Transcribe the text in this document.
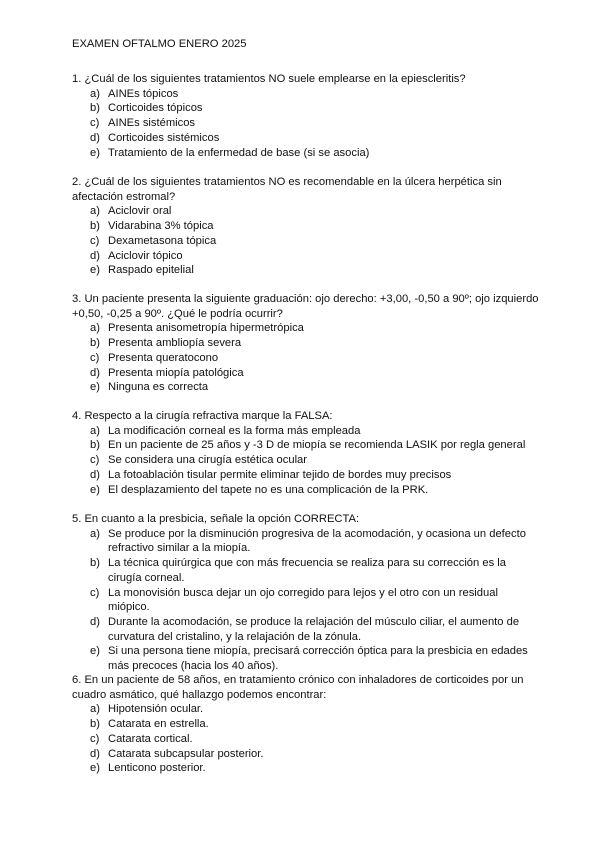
EXAMEN OFTALMO ENERO 2025

1. ¿Cuál de los siguientes tratamientos NO suele emplearse en la epiescleritis?

a) AINEs tópicos
b) Corticoides tópicos
c) AINEs sistémicos
d) Corticoides sistémicos
e) Tratamiento de la enfermedad de base (si se asocia)

2. ¿Cuál de los siguientes tratamientos NO es recomendable en la úlcera herpética sin afectación estromal?

a) Aciclovir oral
b) Vidarabina 3% tópica
c) Dexametasona tópica
d) Aciclovir tópico
e) Raspado epitelial

3. Un paciente presenta la siguiente graduación: ojo derecho: +3,00, -0,50 a 90º; ojo izquierdo +0,50, -0,25 a 90º. ¿Qué le podría ocurrir?

a) Presenta anisometropía hipermetrópica
b) Presenta ambliopía severa
c) Presenta queratocono
d) Presenta miopía patológica
e) Ninguna es correcta

4. Respecto a la cirugía refractiva marque la FALSA:

a) La modificación corneal es la forma más empleada
b) En un paciente de 25 años y -3 D de miopía se recomienda LASIK por regla general
c) Se considera una cirugía estética ocular
d) La fotoablación tisular permite eliminar tejido de bordes muy precisos
e) El desplazamiento del tapete no es una complicación de la PRK.

5. En cuanto a la presbicia, señale la opción CORRECTA:

a) Se produce por la disminución progresiva de la acomodación, y ocasiona un defecto refractivo similar a la miopía.
b) La técnica quirúrgica que con más frecuencia se realiza para su corrección es la cirugía corneal.
c) La monovisión busca dejar un ojo corregido para lejos y el otro con un residual miópico.
d) Durante la acomodación, se produce la relajación del músculo ciliar, el aumento de curvatura del cristalino, y la relajación de la zónula.
e) Si una persona tiene miopía, precisará corrección óptica para la presbicia en edades más precoces (hacia los 40 años).

6. En un paciente de 58 años, en tratamiento crónico con inhaladores de corticoides por un cuadro asmático, qué hallazgo podemos encontrar:

a) Hipotensión ocular.
b) Catarata en estrella.
c) Catarata cortical.
d) Catarata subcapsular posterior.
e) Lenticono posterior.
